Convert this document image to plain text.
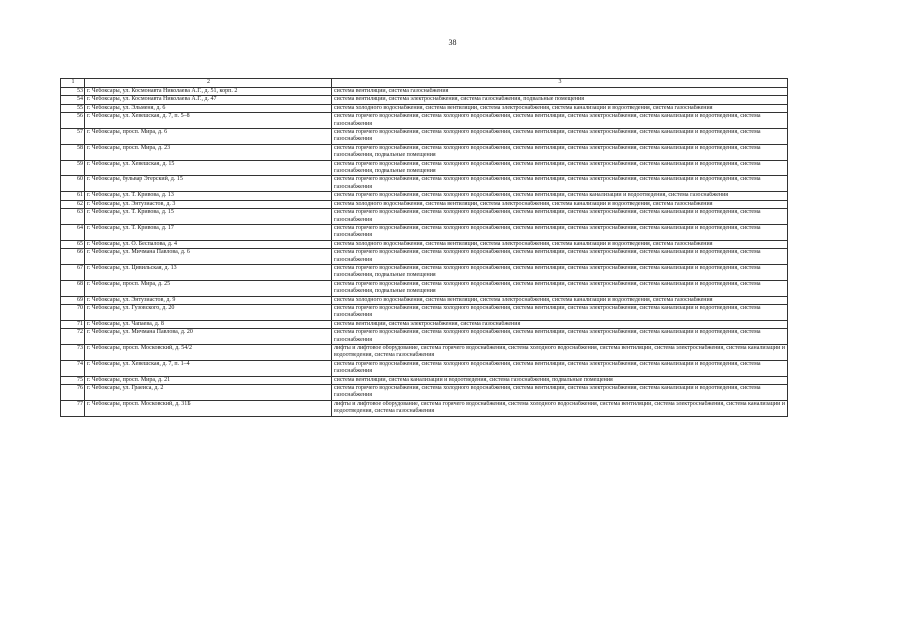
38
1	2	3
53	г. Чебоксары, ул. Космонавта Николаева А.Г., д. 51, корп. 2	система вентиляции, система газоснабжения
54	г. Чебоксары, ул. Космонавта Николаева А.Г., д. 47	система вентиляции, система электроснабжения, система газоснабжения, подвальные помещения
55	г. Чебоксары, ул. Эльменя, д. 6	система холодного водоснабжения, система вентиляции, система электроснабжения, система канализации и водоотведения, система газоснабжения
56	г. Чебоксары, ул. Хевешская, д. 7, п. 5–8	система горячего водоснабжения, система холодного водоснабжения, система вентиляции, система электроснабжения, система канализации и водоотведения, система газоснабжения
57	г. Чебоксары, просп. Мира, д. 6	система горячего водоснабжения, система холодного водоснабжения, система вентиляции, система электроснабжения, система канализации и водоотведения, система газоснабжения
58	г. Чебоксары, просп. Мира, д. 23	система горячего водоснабжения, система холодного водоснабжения, система вентиляции, система электроснабжения, система канализации и водоотведения, система газоснабжения, подвальные помещения
59	г. Чебоксары, ул. Хевешская, д. 15	система горячего водоснабжения, система холодного водоснабжения, система вентиляции, система электроснабжения, система канализации и водоотведения, система газоснабжения, подвальные помещения
60	г. Чебоксары, бульвар Эгерский, д. 15	система горячего водоснабжения, система холодного водоснабжения, система вентиляции, система электроснабжения, система канализации и водоотведения, система газоснабжения
61	г. Чебоксары, ул. Т. Кривова, д. 13	система горячего водоснабжения, система холодного водоснабжения, система вентиляции, система канализации и водоотведения, система газоснабжения
62	г. Чебоксары, ул. Энтузиастов, д. 3	система холодного водоснабжения, система вентиляции, система электроснабжения, система канализации и водоотведения, система газоснабжения
63	г. Чебоксары, ул. Т. Кривова, д. 15	система горячего водоснабжения, система холодного водоснабжения, система вентиляции, система электроснабжения, система канализации и водоотведения, система газоснабжения
64	г. Чебоксары, ул. Т. Кривова, д. 17	система горячего водоснабжения, система холодного водоснабжения, система вентиляции, система электроснабжения, система канализации и водоотведения, система газоснабжения
65	г. Чебоксары, ул. О. Беспалова, д. 4	система холодного водоснабжения, система вентиляции, система электроснабжения, система канализации и водоотведения, система газоснабжения
66	г. Чебоксары, ул. Мичмана Павлова, д. 6	система горячего водоснабжения, система холодного водоснабжения, система вентиляции, система электроснабжения, система канализации и водоотведения, система газоснабжения
67	г. Чебоксары, ул. Цивильская, д. 13	система горячего водоснабжения, система холодного водоснабжения, система вентиляции, система электроснабжения, система канализации и водоотведения, система газоснабжения, подвальные помещения
68	г. Чебоксары, просп. Мира, д. 25	система горячего водоснабжения, система холодного водоснабжения, система вентиляции, система электроснабжения, система канализации и водоотведения, система газоснабжения, подвальные помещения
69	г. Чебоксары, ул. Энтузиастов, д. 9	система холодного водоснабжения, система вентиляции, система электроснабжения, система канализации и водоотведения, система газоснабжения
70	г. Чебоксары, ул. Гузовского, д. 20	система горячего водоснабжения, система холодного водоснабжения, система вентиляции, система электроснабжения, система канализации и водоотведения, система газоснабжения
71	г. Чебоксары, ул. Чапаева, д. 8	система вентиляции, система электроснабжения, система газоснабжения
72	г. Чебоксары, ул. Мичмана Павлова, д. 20	система горячего водоснабжения, система холодного водоснабжения, система вентиляции, система электроснабжения, система канализации и водоотведения, система газоснабжения
73	г. Чебоксары, просп. Московский, д. 54/2	лифты и лифтовое оборудование, система горячего водоснабжения, система холодного водоснабжения, система вентиляции, система электроснабжения, система канализации и водоотведения, система газоснабжения
74	г. Чебоксары, ул. Хевешская, д. 7, п. 1–4	система горячего водоснабжения, система холодного водоснабжения, система вентиляции, система электроснабжения, система канализации и водоотведения, система газоснабжения
75	г. Чебоксары, просп. Мира, д. 21	система вентиляции, система канализации и водоотведения, система газоснабжения, подвальные помещения
76	г. Чебоксары, ул. Граеиса, д. 2	система горячего водоснабжения, система холодного водоснабжения, система вентиляции, система электроснабжения, система канализации и водоотведения, система газоснабжения
77	г. Чебоксары, просп. Московский, д. 31Б	лифты и лифтовое оборудование, система горячего водоснабжения, система холодного водоснабжения, система вентиляции, система электроснабжения, система канализации и водоотведения, система газоснабжения
